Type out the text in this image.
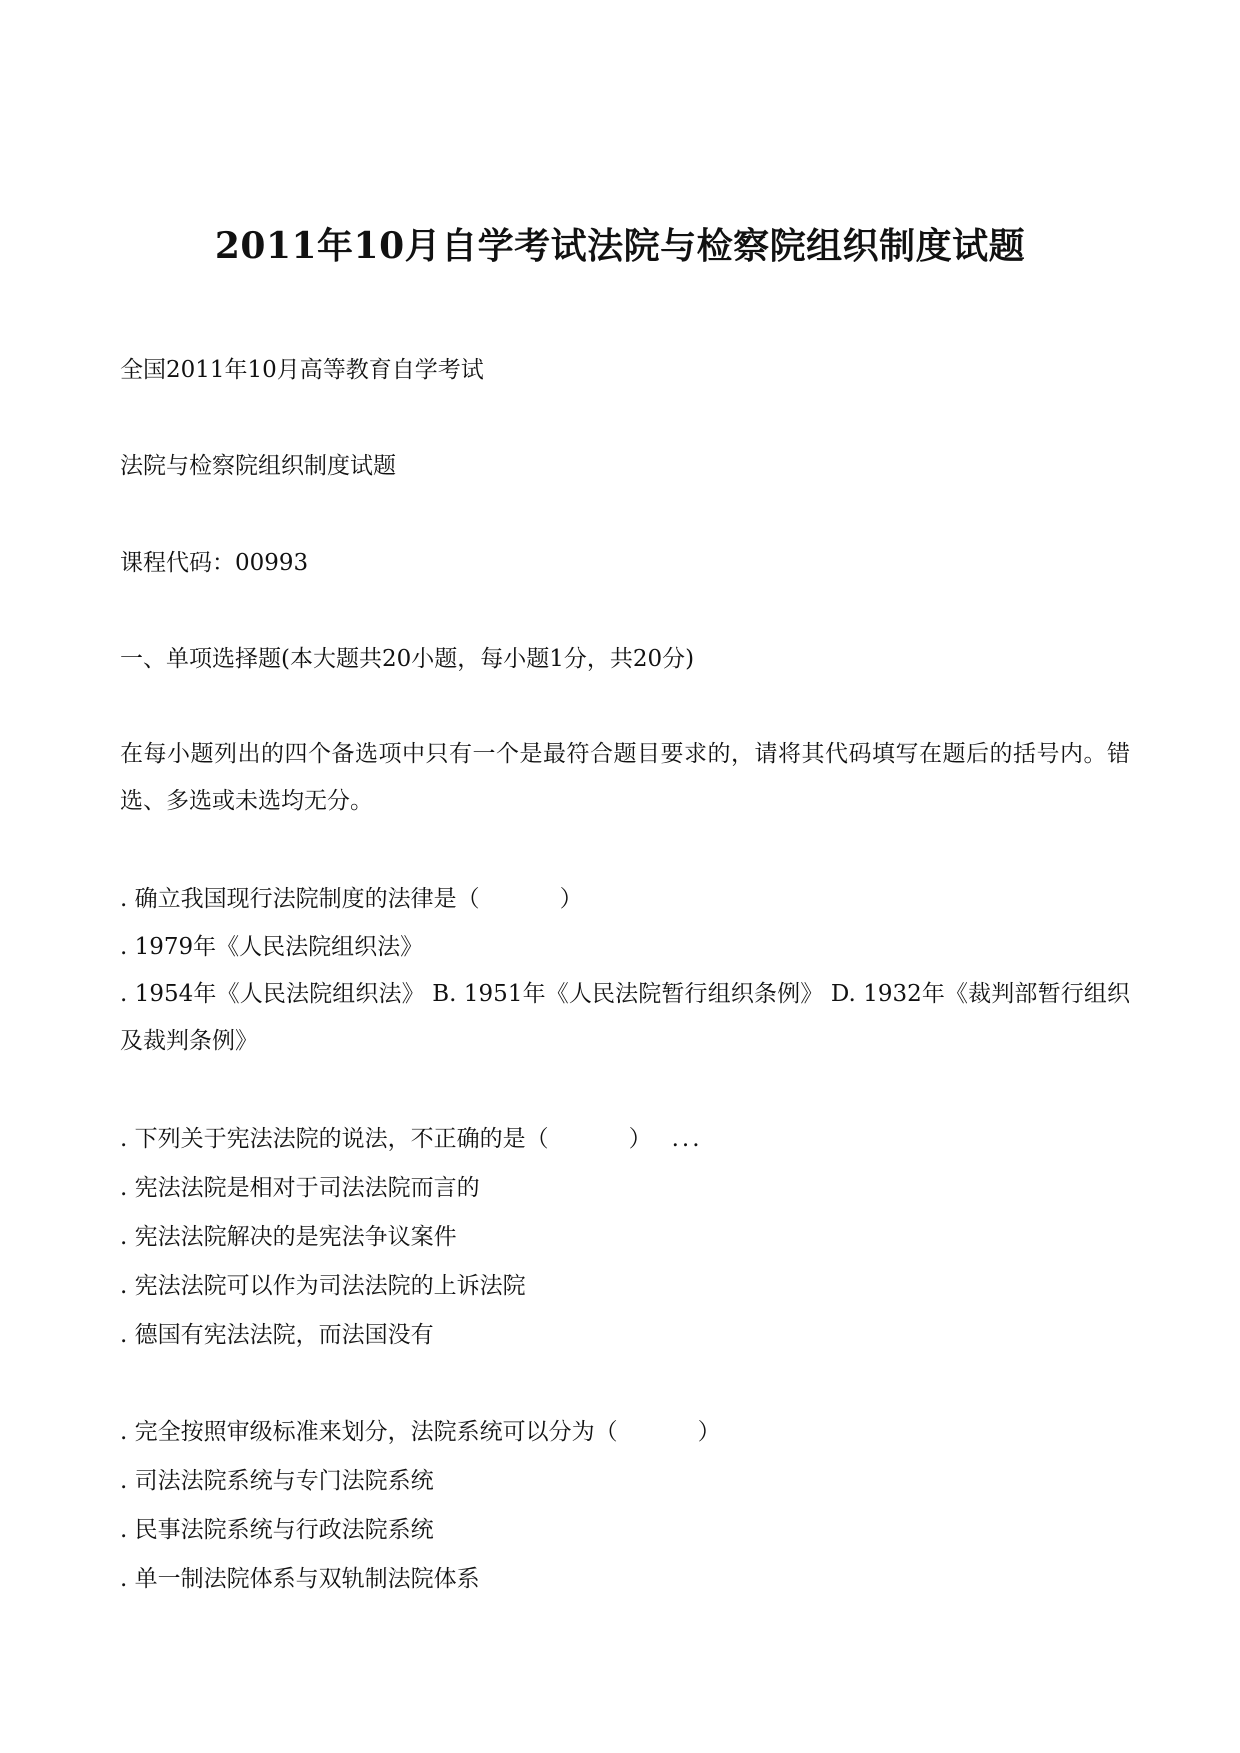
2011年10月自学考试法院与检察院组织制度试题
全国2011年10月高等教育自学考试
法院与检察院组织制度试题
课程代码：00993
一、单项选择题(本大题共20小题，每小题1分，共20分)
在每小题列出的四个备选项中只有一个是最符合题目要求的，请将其代码填写在题后的括号内。错选、多选或未选均无分。
. 确立我国现行法院制度的法律是（	）
. 1979年《人民法院组织法》
. 1954年《人民法院组织法》 B. 1951年《人民法院暂行组织条例》 D. 1932年《裁判部暂行组织及裁判条例》
. 下列关于宪法法院的说法，不正确的是（	） ...
. 宪法法院是相对于司法法院而言的
. 宪法法院解决的是宪法争议案件
. 宪法法院可以作为司法法院的上诉法院
. 德国有宪法法院，而法国没有
. 完全按照审级标准来划分，法院系统可以分为（	）
. 司法法院系统与专门法院系统
. 民事法院系统与行政法院系统
. 单一制法院体系与双轨制法院体系
